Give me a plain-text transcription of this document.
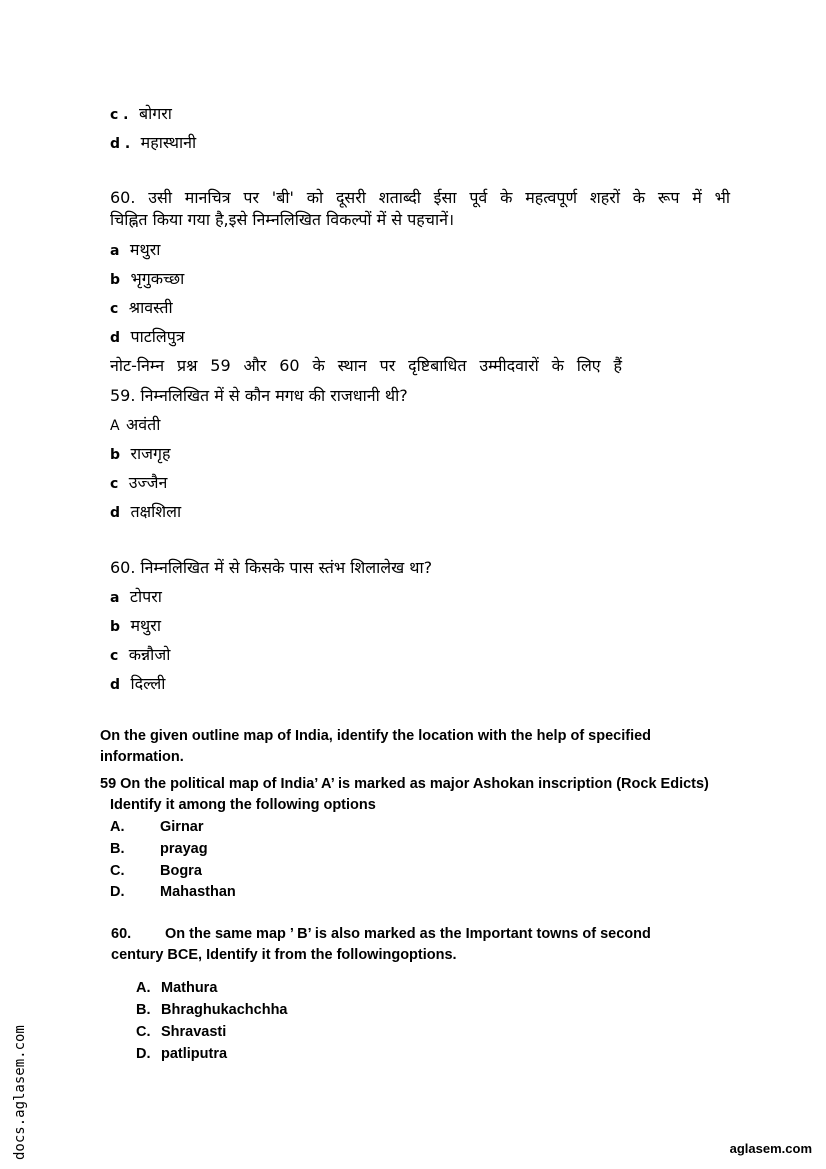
c . बोगरा
d . महास्थानी
60. उसी मानचित्र पर 'बी' को दूसरी शताब्दी ईसा पूर्व के महत्वपूर्ण शहरों के रूप में भी
चिह्नित किया गया है,इसे निम्नलिखित विकल्पों में से पहचानें।
a मथुरा
b भृगुकच्छा
c श्रावस्ती
d पाटलिपुत्र
नोट-निम्न प्रश्न 59 और 60 के स्थान पर दृष्टिबाधित उम्मीदवारों के लिए हैं
59. निम्नलिखित में से कौन मगध की राजधानी थी?
A अवंती
b राजगृह
c उज्जैन
d तक्षशिला
60. निम्नलिखित में से किसके पास स्तंभ शिलालेख था?
a टोपरा
b मथुरा
c कन्नौजो
d दिल्ली
On the given outline map of India, identify the location with the help of specified
information.
59 On the political map of India’ A’ is marked as major Ashokan inscription (Rock Edicts)
Identify it among the following options
A. Girnar
B. prayag
C. Bogra
D. Mahasthan
60. On the same map ’ B’ is also marked as the Important towns of second
century BCE, Identify it from the followingoptions.
A. Mathura
B. Bhraghukachchha
C. Shravasti
D. patliputra
docs.aglasem.com	aglasem.com
